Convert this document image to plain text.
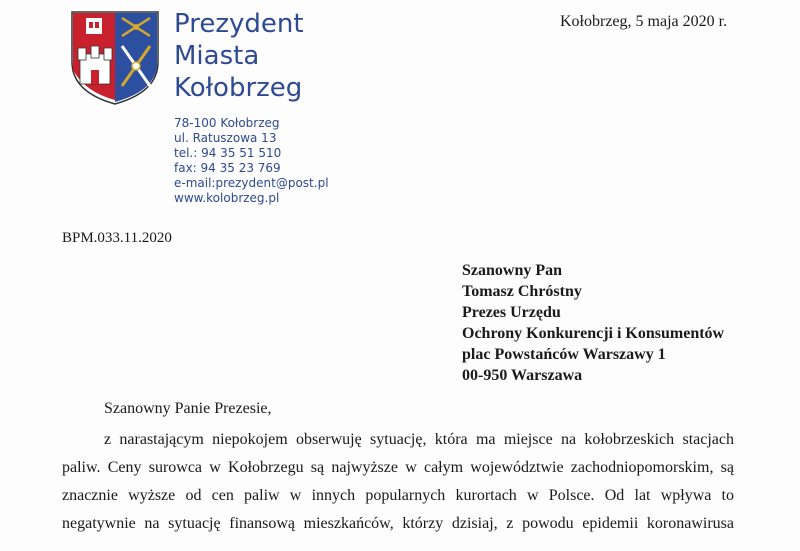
Prezydent
Miasta
Kołobrzeg
78-100 Kołobrzeg
ul. Ratuszowa 13
tel.: 94 35 51 510
fax: 94 35 23 769
e-mail:prezydent@post.pl
www.kolobrzeg.pl
Kołobrzeg, 5 maja 2020 r.
BPM.033.11.2020
Szanowny Pan
Tomasz Chróstny
Prezes Urzędu
Ochrony Konkurencji i Konsumentów
plac Powstańców Warszawy 1
00-950 Warszawa
Szanowny Panie Prezesie,
z narastającym niepokojem obserwuję sytuację, która ma miejsce na kołobrzeskich stacjach
paliw. Ceny surowca w Kołobrzegu są najwyższe w całym województwie zachodniopomorskim, są
znacznie wyższe od cen paliw w innych popularnych kurortach w Polsce. Od lat wpływa to
negatywnie na sytuację finansową mieszkańców, którzy dzisiaj, z powodu epidemii koronawirusa
